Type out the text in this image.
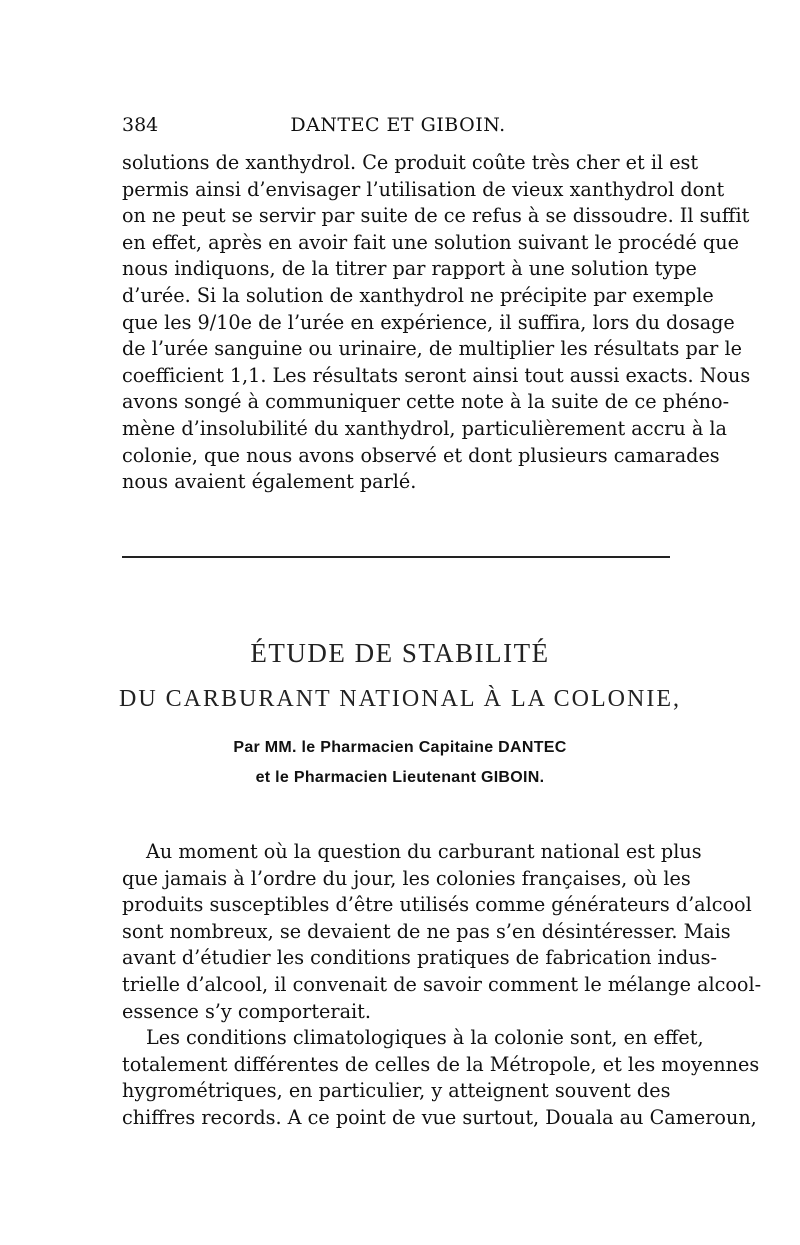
384	DANTEC ET GIBOIN.
solutions de xanthydrol. Ce produit coûte très cher et il est
permis ainsi d’envisager l’utilisation de vieux xanthydrol dont
on ne peut se servir par suite de ce refus à se dissoudre. Il suffit
en effet, après en avoir fait une solution suivant le procédé que
nous indiquons, de la titrer par rapport à une solution type
d’urée. Si la solution de xanthydrol ne précipite par exemple
que les 9/10e de l’urée en expérience, il suffira, lors du dosage
de l’urée sanguine ou urinaire, de multiplier les résultats par le
coefficient 1,1. Les résultats seront ainsi tout aussi exacts. Nous
avons songé à communiquer cette note à la suite de ce phéno-
mène d’insolubilité du xanthydrol, particulièrement accru à la
colonie, que nous avons observé et dont plusieurs camarades
nous avaient également parlé.
ÉTUDE DE STABILITÉ
DU CARBURANT NATIONAL À LA COLONIE,
Par MM. le Pharmacien Capitaine DANTEC
et le Pharmacien Lieutenant GIBOIN.
Au moment où la question du carburant national est plus
que jamais à l’ordre du jour, les colonies françaises, où les
produits susceptibles d’être utilisés comme générateurs d’alcool
sont nombreux, se devaient de ne pas s’en désintéresser. Mais
avant d’étudier les conditions pratiques de fabrication indus-
trielle d’alcool, il convenait de savoir comment le mélange alcool-
essence s’y comporterait.
Les conditions climatologiques à la colonie sont, en effet,
totalement différentes de celles de la Métropole, et les moyennes
hygrométriques, en particulier, y atteignent souvent des
chiffres records. A ce point de vue surtout, Douala au Cameroun,
